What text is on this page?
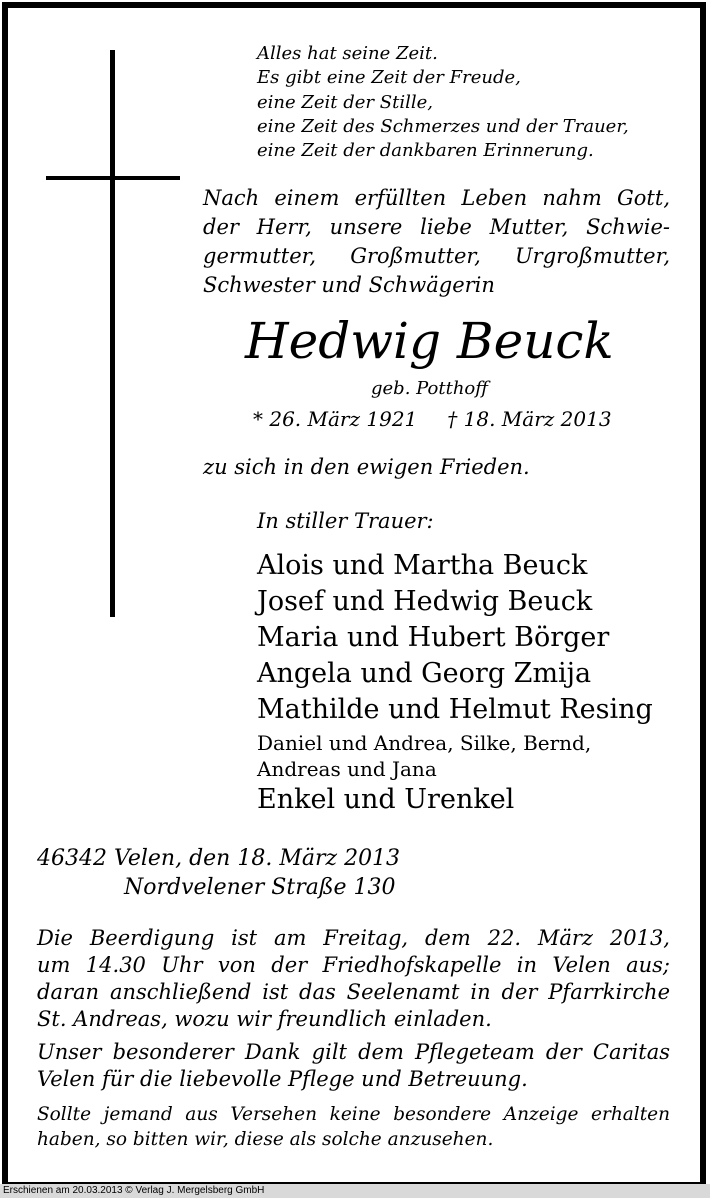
Alles hat seine Zeit.
Es gibt eine Zeit der Freude,
eine Zeit der Stille,
eine Zeit des Schmerzes und der Trauer,
eine Zeit der dankbaren Erinnerung.
Nach einem erfüllten Leben nahm Gott,
der Herr, unsere liebe Mutter, Schwie-
germutter, Großmutter, Urgroßmutter,
Schwester und Schwägerin
Hedwig Beuck
geb. Potthoff
* 26. März 1921 † 18. März 2013
zu sich in den ewigen Frieden.
In stiller Trauer:
Alois und Martha Beuck
Josef und Hedwig Beuck
Maria und Hubert Börger
Angela und Georg Zmija
Mathilde und Helmut Resing
Daniel und Andrea, Silke, Bernd,
Andreas und Jana
Enkel und Urenkel
46342 Velen, den 18. März 2013
Nordvelener Straße 130
Die Beerdigung ist am Freitag, dem 22. März 2013,
um 14.30 Uhr von der Friedhofskapelle in Velen aus;
daran anschließend ist das Seelenamt in der Pfarrkirche
St. Andreas, wozu wir freundlich einladen.
Unser besonderer Dank gilt dem Pflegeteam der Caritas
Velen für die liebevolle Pflege und Betreuung.
Sollte jemand aus Versehen keine besondere Anzeige erhalten
haben, so bitten wir, diese als solche anzusehen.
Erschienen am 20.03.2013 © Verlag J. Mergelsberg GmbH
